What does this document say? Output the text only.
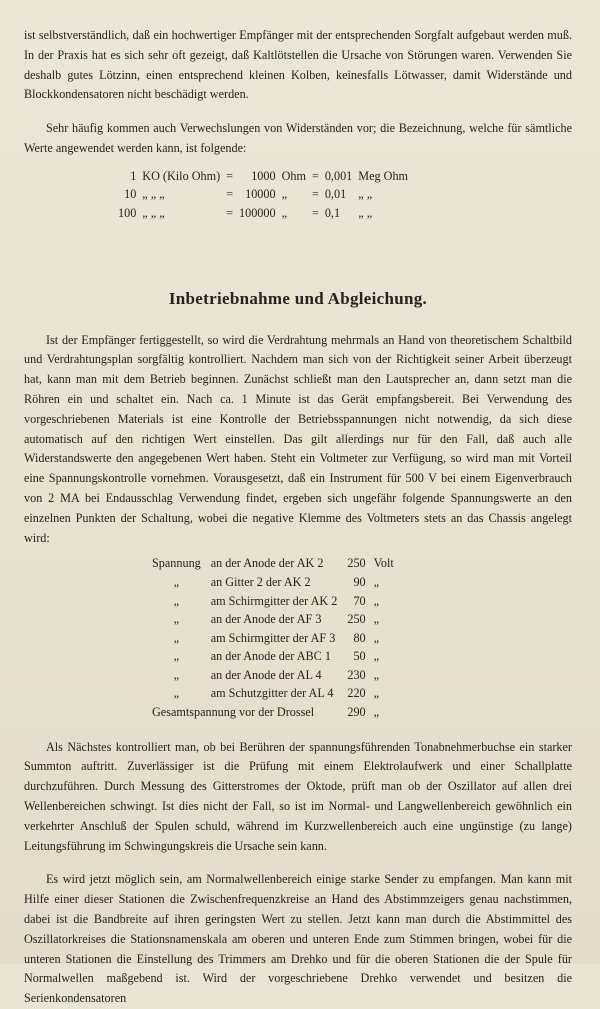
ist selbstverständlich, daß ein hochwertiger Empfänger mit der entsprechenden Sorgfalt aufgebaut werden muß. In der Praxis hat es sich sehr oft gezeigt, daß Kaltlötstellen die Ursache von Störungen waren. Verwenden Sie deshalb gutes Lötzinn, einen entsprechend kleinen Kolben, keinesfalls Lötwasser, damit Widerstände und Blockkondensatoren nicht beschädigt werden.

Sehr häufig kommen auch Verwechslungen von Widerständen vor; die Bezeichnung, welche für sämtliche Werte angewendet werden kann, ist folgende:

1	KO (Kilo Ohm)	=	1000	Ohm	=	0,001	Meg Ohm
10	„ „ „	=	10000	„	=	0,01	„ „
100	„ „ „	=	100000	„	=	0,1	„ „
Inbetriebnahme und Abgleichung.

Ist der Empfänger fertiggestellt, so wird die Verdrahtung mehrmals an Hand von theoretischem Schaltbild und Verdrahtungsplan sorgfältig kontrolliert. Nachdem man sich von der Richtigkeit seiner Arbeit überzeugt hat, kann man mit dem Betrieb beginnen. Zunächst schließt man den Lautsprecher an, dann setzt man die Röhren ein und schaltet ein. Nach ca. 1 Minute ist das Gerät empfangsbereit. Bei Verwendung des vorgeschriebenen Materials ist eine Kontrolle der Betriebsspannungen nicht notwendig, da sich diese automatisch auf den richtigen Wert einstellen. Das gilt allerdings nur für den Fall, daß auch alle Widerstandswerte den angegebenen Wert haben. Steht ein Voltmeter zur Verfügung, so wird man mit Vorteil eine Spannungskontrolle vornehmen. Vorausgesetzt, daß ein Instrument für 500 V bei einem Eigenverbrauch von 2 MA bei Endausschlag Verwendung findet, ergeben sich ungefähr folgende Spannungswerte an den einzelnen Punkten der Schaltung, wobei die negative Klemme des Voltmeters stets an das Chassis angelegt wird:

Spannung	an der Anode der AK 2	250	Volt
„	an Gitter 2 der AK 2	90	„
„	am Schirmgitter der AK 2	70	„
„	an der Anode der AF 3	250	„
„	am Schirmgitter der AF 3	80	„
„	an der Anode der ABC 1	50	„
„	an der Anode der AL 4	230	„
„	am Schutzgitter der AL 4	220	„
Gesamtspannung vor der Drossel		290	„

Als Nächstes kontrolliert man, ob bei Berühren der spannungsführenden Tonabnehmerbuchse ein starker Summton auftritt. Zuverlässiger ist die Prüfung mit einem Elektrolaufwerk und einer Schallplatte durchzuführen. Durch Messung des Gitterstromes der Oktode, prüft man ob der Oszillator auf allen drei Wellenbereichen schwingt. Ist dies nicht der Fall, so ist im Normal- und Langwellenbereich gewöhnlich ein verkehrter Anschluß der Spulen schuld, während im Kurzwellenbereich auch eine ungünstige (zu lange) Leitungsführung im Schwingungskreis die Ursache sein kann.

Es wird jetzt möglich sein, am Normalwellenbereich einige starke Sender zu empfangen. Man kann mit Hilfe einer dieser Stationen die Zwischenfrequenzkreise an Hand des Abstimmzeigers genau nachstimmen, dabei ist die Bandbreite auf ihren geringsten Wert zu stellen. Jetzt kann man durch die Abstimmittel des Oszillatorkreises die Stationsnamenskala am oberen und unteren Ende zum Stimmen bringen, wobei für die unteren Stationen die Einstellung des Trimmers am Drehko und für die oberen Stationen die der Spule für Normalwellen maßgebend ist. Wird der vorgeschriebene Drehko verwendet und besitzen die Serienkondensatoren
